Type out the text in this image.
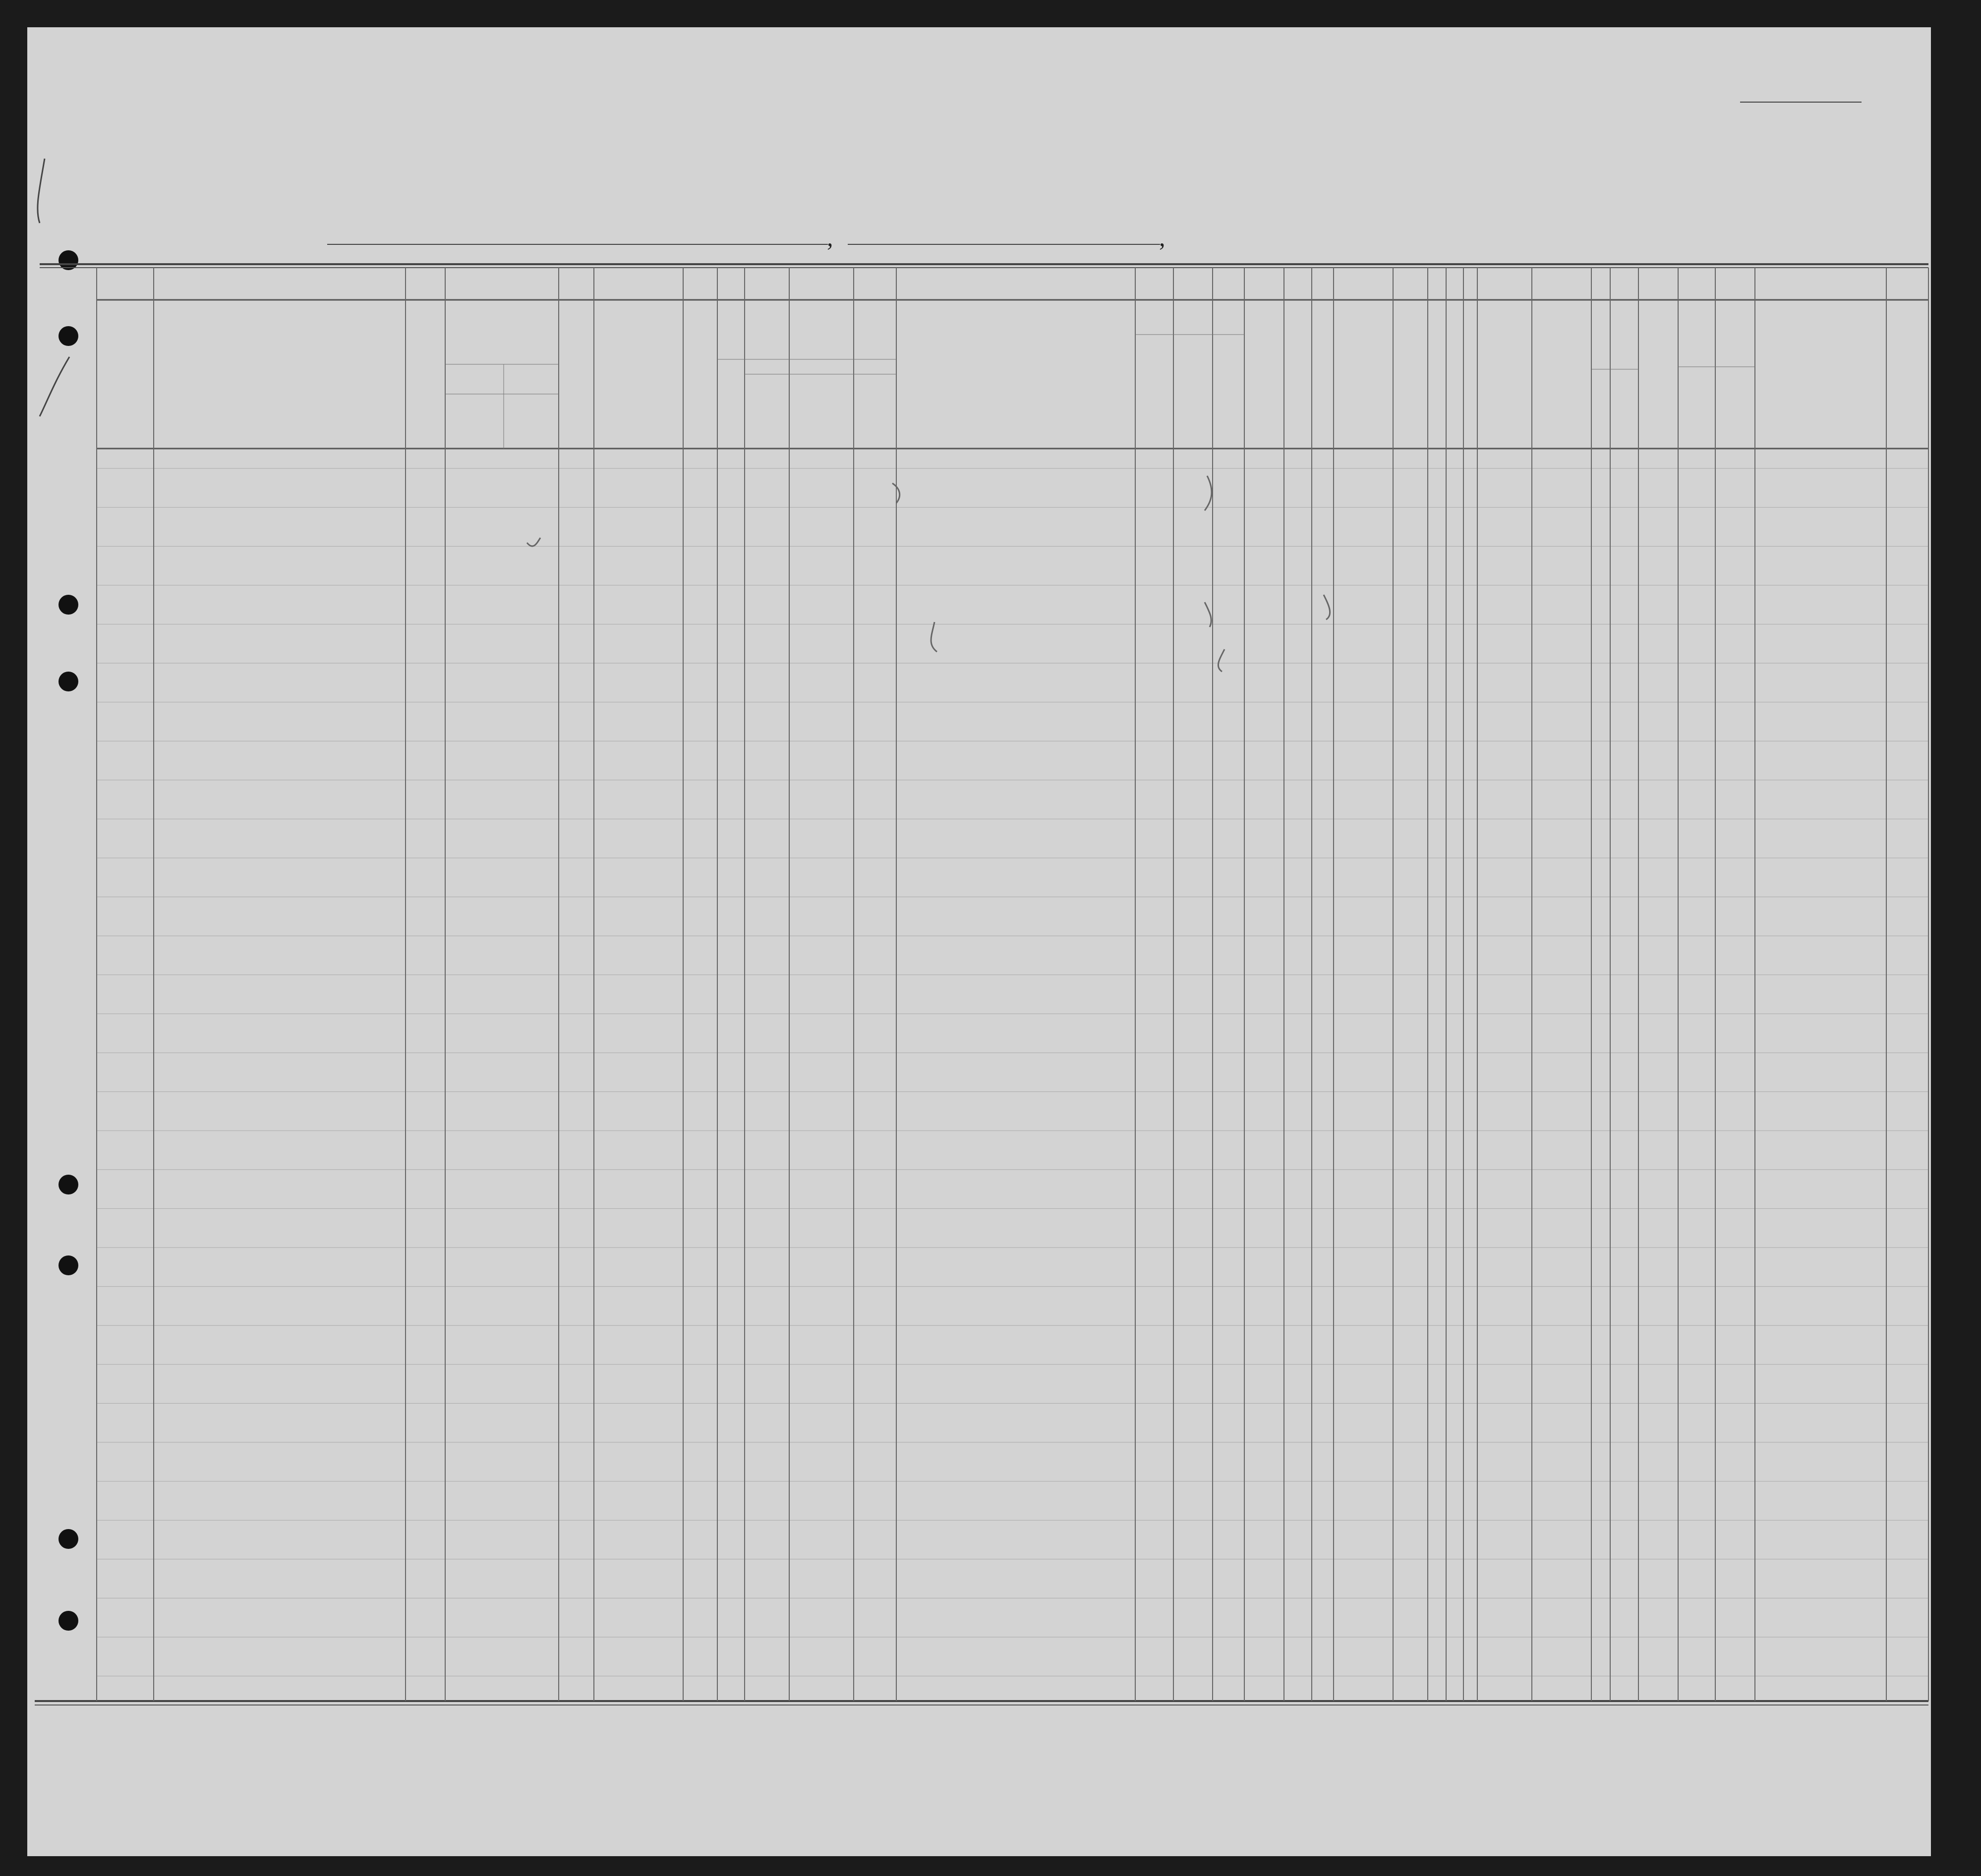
,	,
